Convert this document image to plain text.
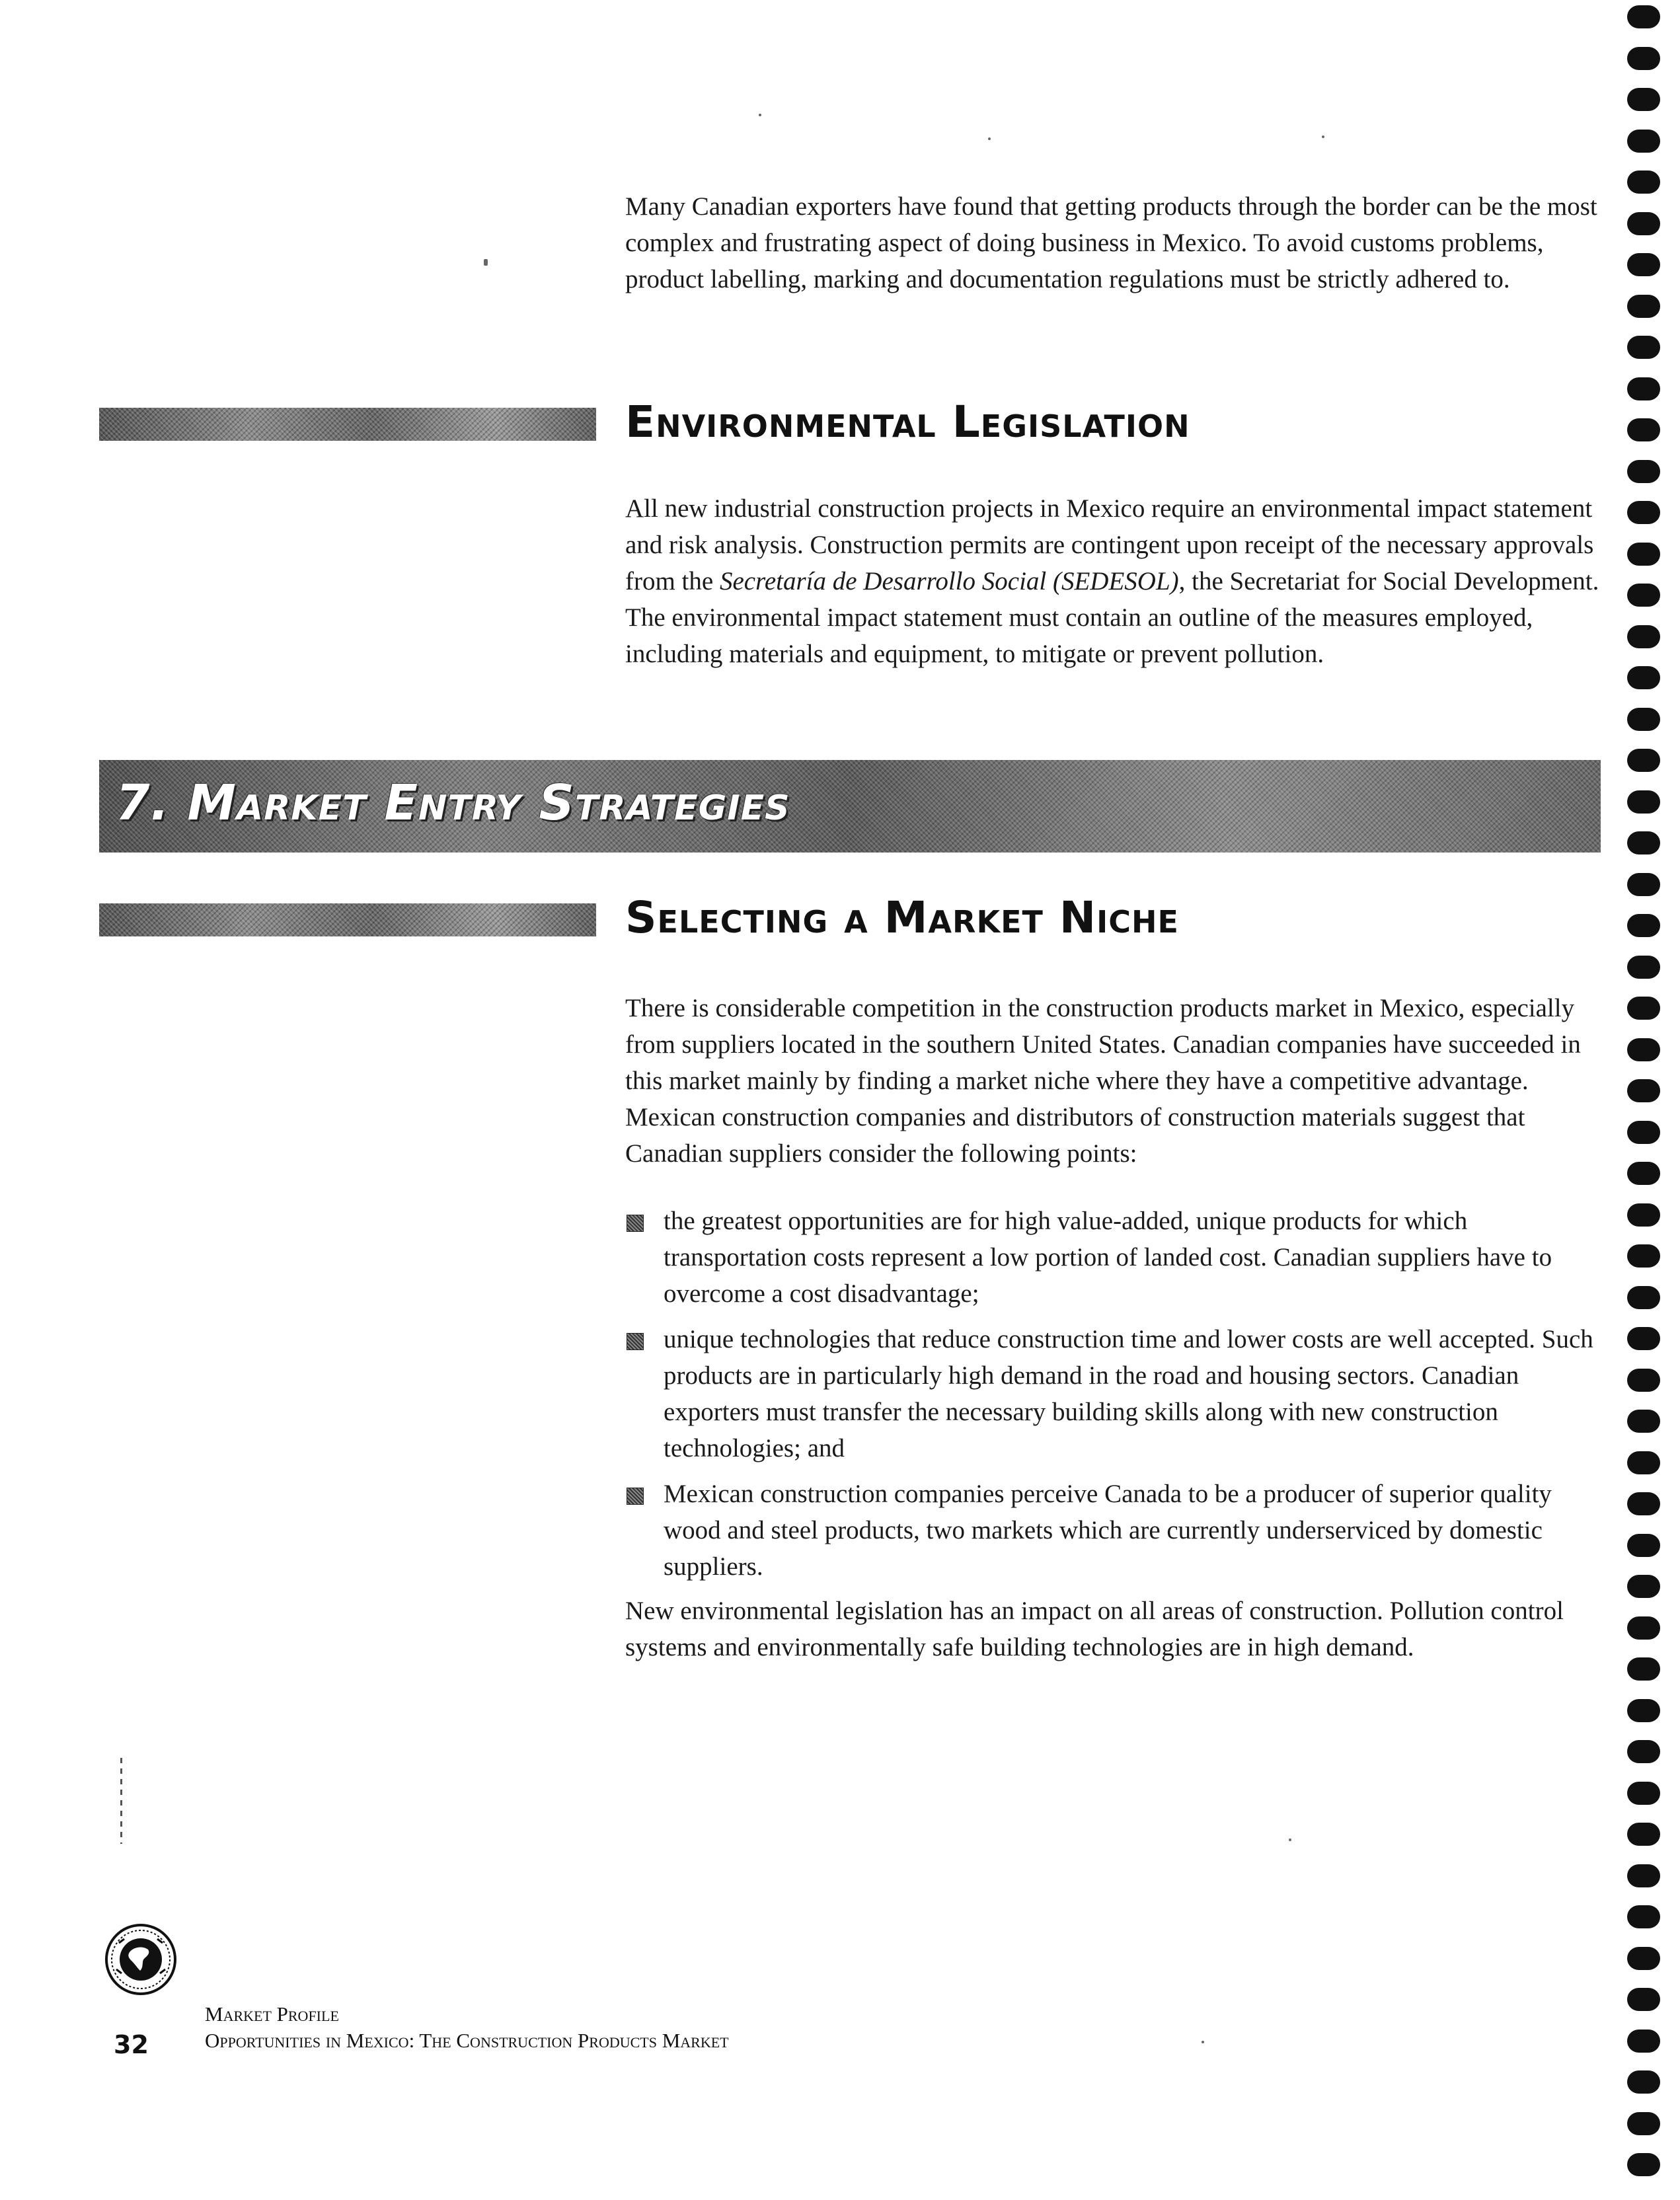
Many Canadian exporters have found that getting products through the border can be the most complex and frustrating aspect of doing business in Mexico. To avoid customs problems, product labelling, marking and documentation regulations must be strictly adhered to.

Environmental Legislation

All new industrial construction projects in Mexico require an environmental impact statement and risk analysis. Construction permits are contingent upon receipt of the necessary approvals from the Secretaría de Desarrollo Social (SEDESOL), the Secretariat for Social Development. The environmental impact statement must contain an outline of the measures employed, including materials and equipment, to mitigate or prevent pollution.

7. Market Entry Strategies
Selecting a Market Niche

There is considerable competition in the construction products market in Mexico, especially from suppliers located in the southern United States. Canadian companies have succeeded in this market mainly by finding a market niche where they have a competitive advantage. Mexican construction companies and distributors of construction materials suggest that Canadian suppliers consider the following points:

the greatest opportunities are for high value-added, unique products for which transportation costs represent a low portion of landed cost. Canadian suppliers have to overcome a cost disadvantage;
unique technologies that reduce construction time and lower costs are well accepted. Such products are in particularly high demand in the road and housing sectors. Canadian exporters must transfer the necessary building skills along with new construction technologies; and
Mexican construction companies perceive Canada to be a producer of superior quality wood and steel products, two markets which are currently underserviced by domestic suppliers.

New environmental legislation has an impact on all areas of construction. Pollution control systems and environmentally safe building technologies are in high demand.

Market Profile
Opportunities in Mexico: The Construction Products Market

32
